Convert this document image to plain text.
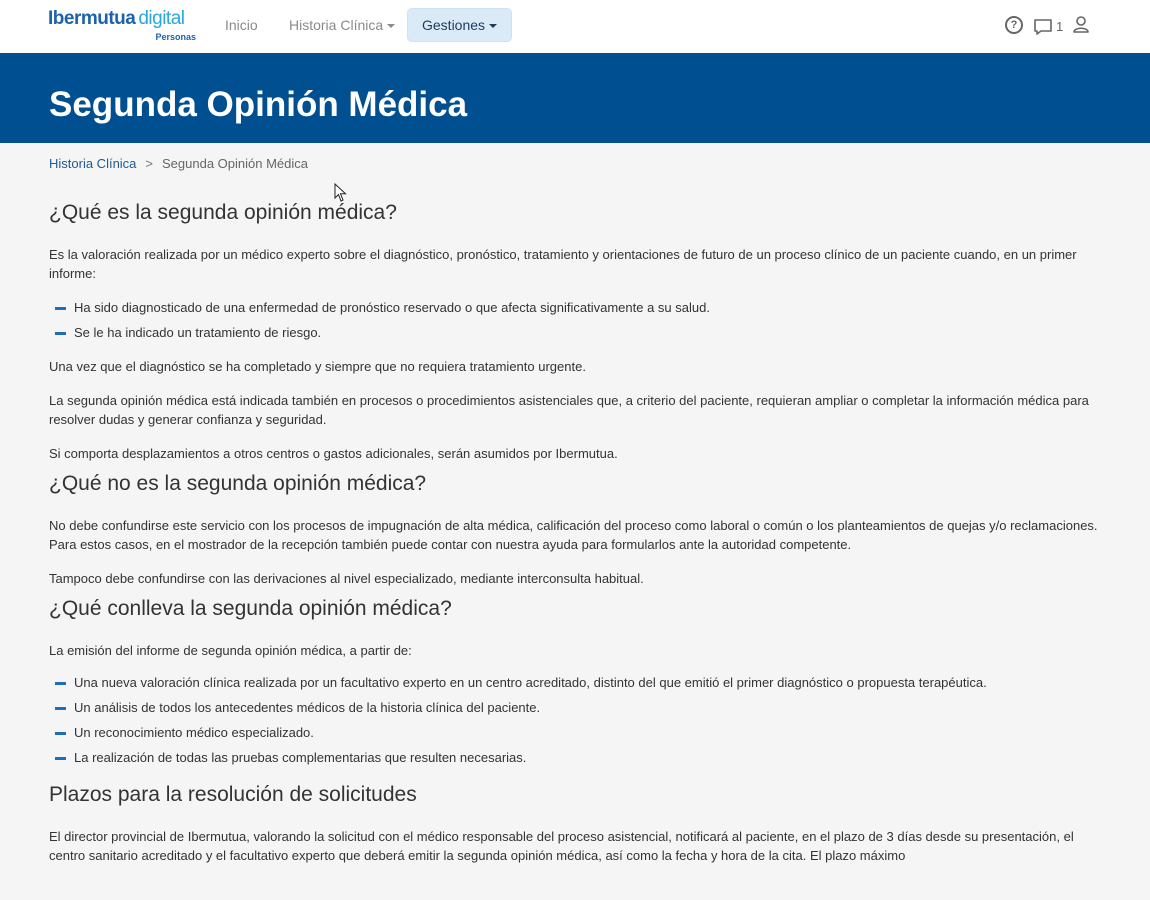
Ibermutua digital
Personas
Inicio Historia Clínica	Gestiones	?	1
Segunda Opinión Médica
Historia Clínica > Segunda Opinión Médica
¿Qué es la segunda opinión médica?

Es la valoración realizada por un médico experto sobre el diagnóstico, pronóstico, tratamiento y orientaciones de futuro de un proceso clínico de un paciente cuando, en un primer informe:

Ha sido diagnosticado de una enfermedad de pronóstico reservado o que afecta significativamente a su salud.
Se le ha indicado un tratamiento de riesgo.

Una vez que el diagnóstico se ha completado y siempre que no requiera tratamiento urgente.

La segunda opinión médica está indicada también en procesos o procedimientos asistenciales que, a criterio del paciente, requieran ampliar o completar la información médica para resolver dudas y generar confianza y seguridad.

Si comporta desplazamientos a otros centros o gastos adicionales, serán asumidos por Ibermutua.

¿Qué no es la segunda opinión médica?

No debe confundirse este servicio con los procesos de impugnación de alta médica, calificación del proceso como laboral o común o los planteamientos de quejas y/o reclamaciones. Para estos casos, en el mostrador de la recepción también puede contar con nuestra ayuda para formularlos ante la autoridad competente.

Tampoco debe confundirse con las derivaciones al nivel especializado, mediante interconsulta habitual.

¿Qué conlleva la segunda opinión médica?

La emisión del informe de segunda opinión médica, a partir de:

Una nueva valoración clínica realizada por un facultativo experto en un centro acreditado, distinto del que emitió el primer diagnóstico o propuesta terapéutica.
Un análisis de todos los antecedentes médicos de la historia clínica del paciente.
Un reconocimiento médico especializado.
La realización de todas las pruebas complementarias que resulten necesarias.
Plazos para la resolución de solicitudes

El director provincial de Ibermutua, valorando la solicitud con el médico responsable del proceso asistencial, notificará al paciente, en el plazo de 3 días desde su presentación, el centro sanitario acreditado y el facultativo experto que deberá emitir la segunda opinión médica, así como la fecha y hora de la cita. El plazo máximo
